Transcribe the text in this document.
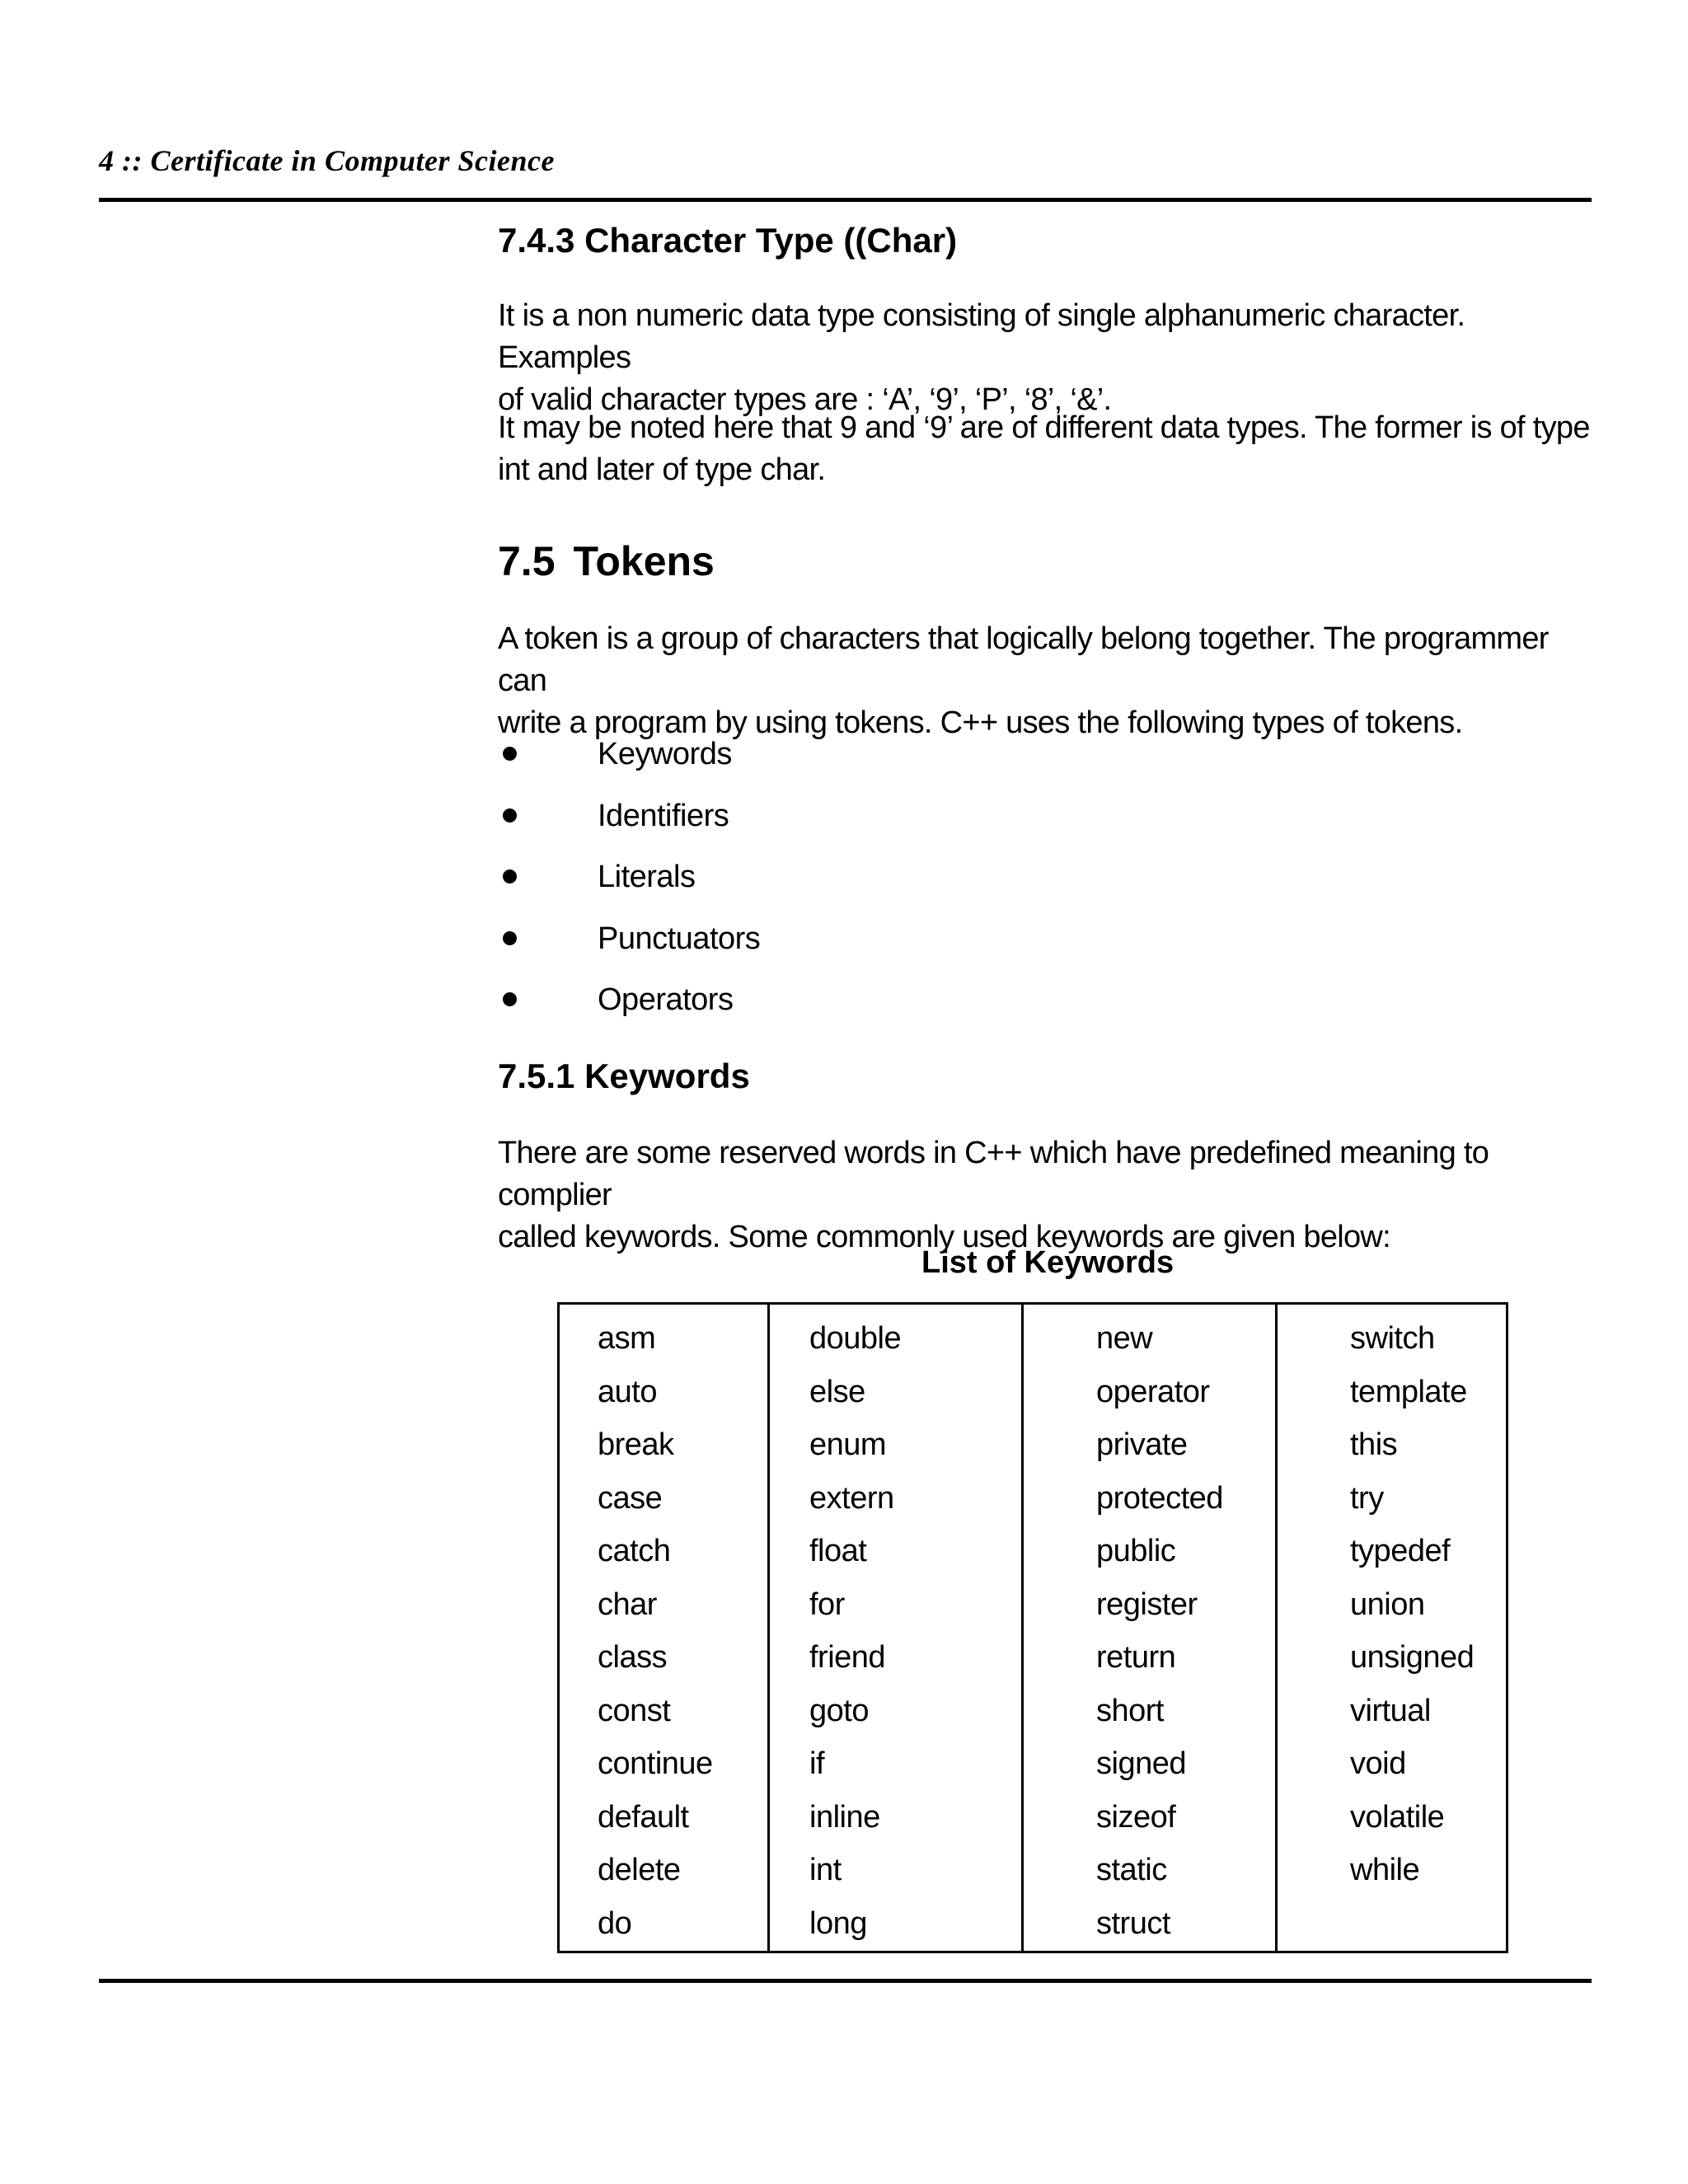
4 :: Certificate in Computer Science
7.4.3 Character Type ((Char)

It is a non numeric data type consisting of single alphanumeric character. Examples
of valid character types are : ‘A’, ‘9’, ‘P’, ‘8’, ‘&’.

It may be noted here that 9 and ‘9’ are of different data types. The former is of type
int and later of type char.

7.5 Tokens

A token is a group of characters that logically belong together. The programmer can
write a program by using tokens. C++ uses the following types of tokens.

Keywords
Identifiers
Literals
Punctuators
Operators
7.5.1 Keywords

There are some reserved words in C++ which have predefined meaning to complier
called keywords. Some commonly used keywords are given below:

List of Keywords
asm
auto
break
case
catch
char
class
const
continue
default
delete
do
double
else
enum
extern
float
for
friend
goto
if
inline
int
long
new
operator
private
protected
public
register
return
short
signed
sizeof
static
struct
switch
template
this
try
typedef
union
unsigned
virtual
void
volatile
while
